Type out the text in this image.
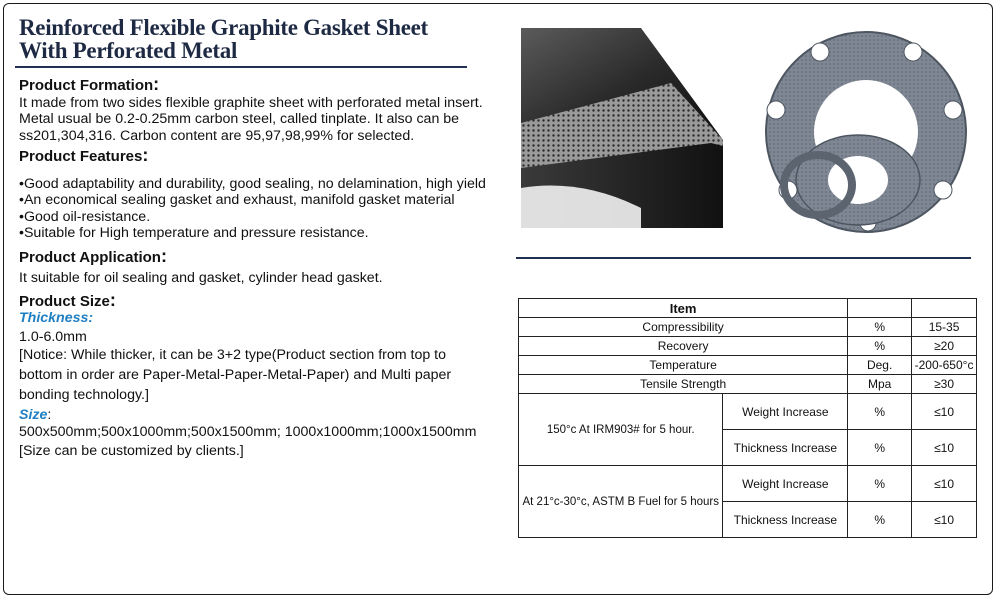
Reinforced Flexible Graphite Gasket Sheet With Perforated Metal

Product Formation:

It made from two sides flexible graphite sheet with perforated metal insert. Metal usual be 0.2-0.25mm carbon steel, called tinplate. It also can be ss201,304,316. Carbon content are 95,97,98,99% for selected.

Product Features:

•Good adaptability and durability, good sealing, no delamination, high yield

•An economical sealing gasket and exhaust, manifold gasket material

•Good oil-resistance.

•Suitable for High temperature and pressure resistance.

Product Application:

It suitable for oil sealing and gasket, cylinder head gasket.

Product Size:

Thickness:

1.0-6.0mm

[Notice: While thicker, it can be 3+2 type(Product section from top to bottom in order are Paper-Metal-Paper-Metal-Paper) and Multi paper bonding technology.]

Size:

500x500mm;500x1000mm;500x1500mm; 1000x1000mm;1000x1500mm

[Size can be customized by clients.]

Item			
Compressibility		%	15-35
Recovery		%	≥20
Temperature		Deg.	-200-650°c
Tensile Strength		Mpa	≥30
150°c At IRM903# for 5 hour.	Weight Increase	%	≤10
	Thickness Increase	%	≤10
At 21°c-30°c, ASTM B Fuel for 5 hours	Weight Increase	%	≤10
	Thickness Increase	%	≤10
